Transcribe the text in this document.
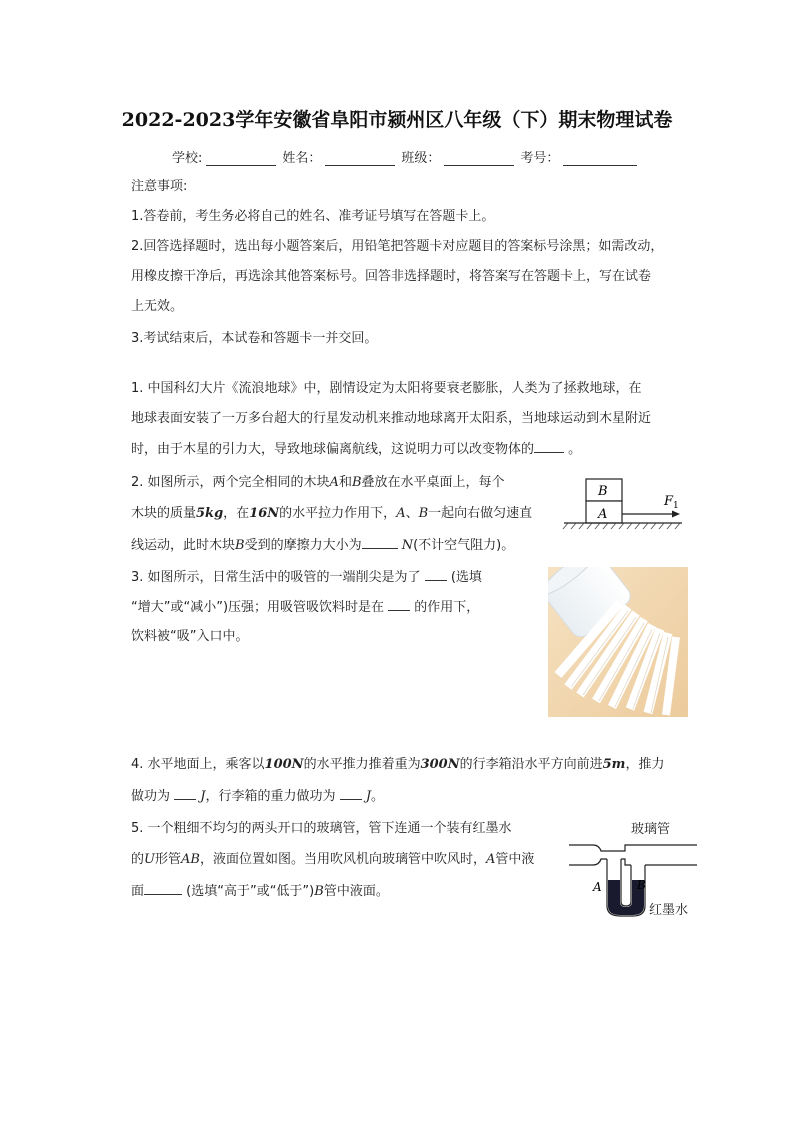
2022-2023学年安徽省阜阳市颍州区八年级（下）期末物理试卷
学校:	姓名：	班级：	考号：
注意事项:
1.答卷前，考生务必将自己的姓名、准考证号填写在答题卡上。
2.回答选择题时，选出每小题答案后，用铅笔把答题卡对应题目的答案标号涂黑；如需改动，
用橡皮擦干净后，再选涂其他答案标号。回答非选择题时，将答案写在答题卡上，写在试卷
上无效。
3.考试结束后，本试卷和答题卡一并交回。
1. 中国科幻大片《流浪地球》中，剧情设定为太阳将要衰老膨胀，人类为了拯救地球，在
地球表面安装了一万多台超大的行星发动机来推动地球离开太阳系，当地球运动到木星附近
时，由于木星的引力大，导致地球偏离航线，这说明力可以改变物体的 。
2. 如图所示，两个完全相同的木块A和B叠放在水平桌面上，每个
木块的质量5kg，在16N的水平拉力作用下，A、B一起向右做匀速直
线运动，此时木块B受到的摩擦力大小为	N(不计空气阻力)。
B
A
F 1
3. 如图所示，日常生活中的吸管的一端削尖是为了 (选填
“增大”或“减小”)压强；用吸管吸饮料时是在 的作用下，
饮料被“吸”入口中。
4. 水平地面上，乘客以100N的水平推力推着重为300N的行李箱沿水平方向前进5m，推力
做功为 J，行李箱的重力做功为 J。
5. 一个粗细不均匀的两头开口的玻璃管，管下连通一个装有红墨水
的U形管AB，液面位置如图。当用吹风机向玻璃管中吹风时，A管中液
面	(选填“高于”或“低于”)B管中液面。
玻璃管
A	B
红墨水
